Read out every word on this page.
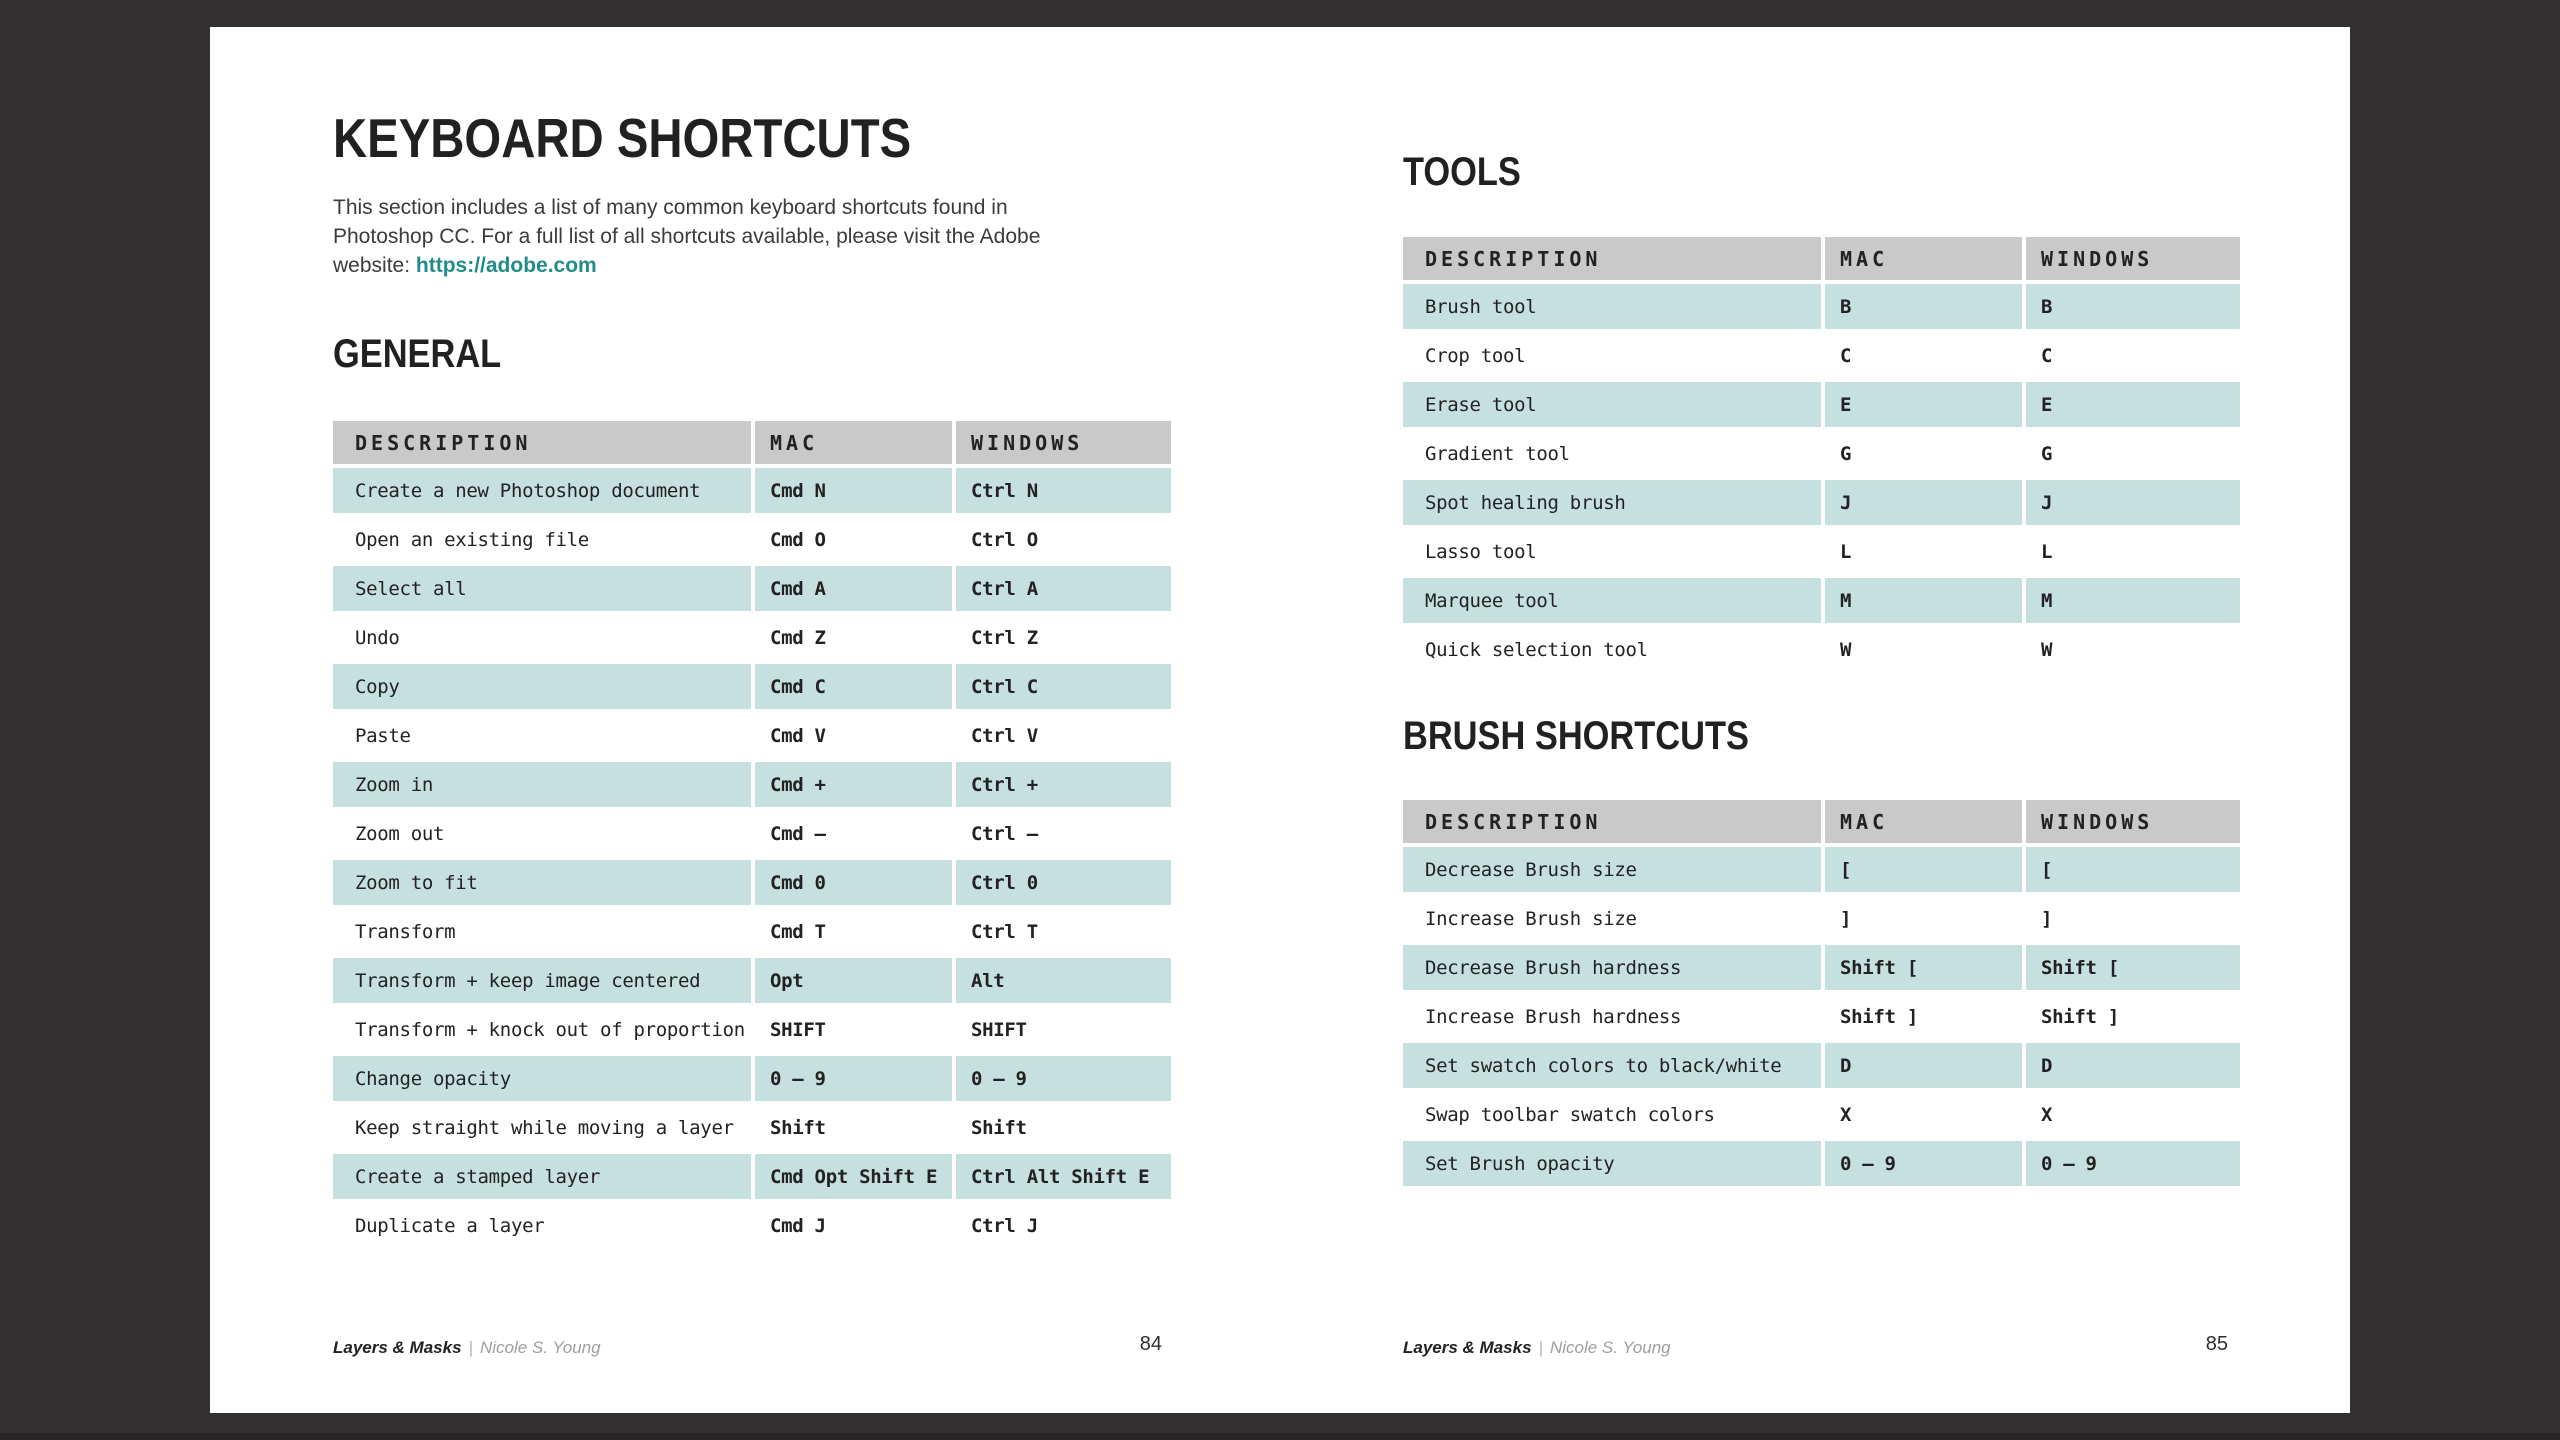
KEYBOARD SHORTCUTS

This section includes a list of many common keyboard shortcuts found in
Photoshop CC. For a full list of all shortcuts available, please visit the Adobe
website: https://adobe.com

GENERAL
DESCRIPTION	MAC	WINDOWS
Create a new Photoshop document	Cmd N	Ctrl N
Open an existing file	Cmd O	Ctrl O
Select all	Cmd A	Ctrl A
Undo	Cmd Z	Ctrl Z
Copy	Cmd C	Ctrl C
Paste	Cmd V	Ctrl V
Zoom in	Cmd +	Ctrl +
Zoom out	Cmd –	Ctrl –
Zoom to fit	Cmd 0	Ctrl 0
Transform	Cmd T	Ctrl T
Transform + keep image centered	Opt	Alt
Transform + knock out of proportion	SHIFT	SHIFT
Change opacity	0 – 9	0 – 9
Keep straight while moving a layer	Shift	Shift
Create a stamped layer	Cmd Opt Shift E	Ctrl Alt Shift E
Duplicate a layer	Cmd J	Ctrl J
Layers & Masks | Nicole S. Young	84
TOOLS
DESCRIPTION	MAC	WINDOWS
Brush tool	B	B
Crop tool	C	C
Erase tool	E	E
Gradient tool	G	G
Spot healing brush	J	J
Lasso tool	L	L
Marquee tool	M	M
Quick selection tool	W	W
BRUSH SHORTCUTS
DESCRIPTION	MAC	WINDOWS
Decrease Brush size	[	[
Increase Brush size	]	]
Decrease Brush hardness	Shift [	Shift [
Increase Brush hardness	Shift ]	Shift ]
Set swatch colors to black/white	D	D
Swap toolbar swatch colors	X	X
Set Brush opacity	0 – 9	0 – 9
Layers & Masks | Nicole S. Young	85
